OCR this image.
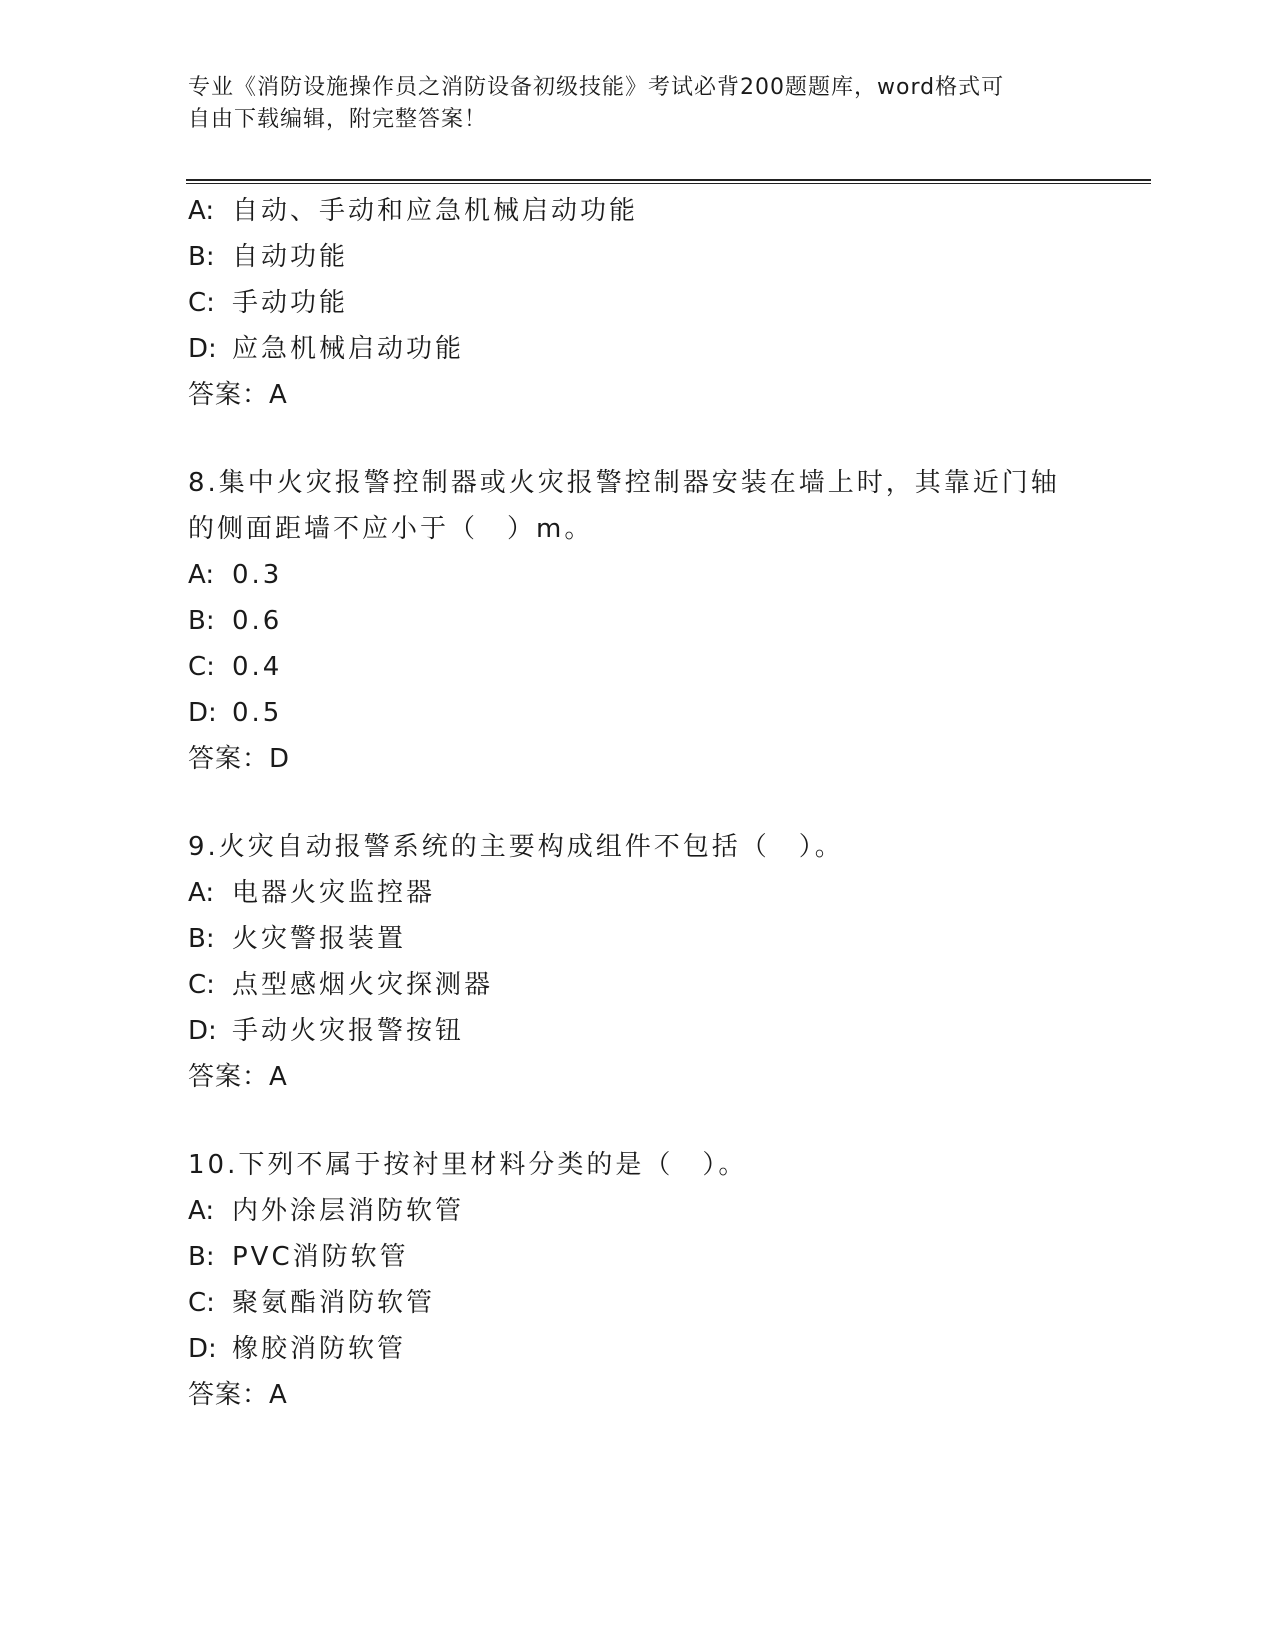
专业《消防设施操作员之消防设备初级技能》考试必背200题题库，word格式可
自由下载编辑，附完整答案！
A: 自动、手动和应急机械启动功能
B: 自动功能
C: 手动功能
D: 应急机械启动功能
答案：A
8.集中火灾报警控制器或火灾报警控制器安装在墙上时，其靠近门轴
的侧面距墙不应小于（　）m。
A: 0.3
B: 0.6
C: 0.4
D: 0.5
答案：D
9.火灾自动报警系统的主要构成组件不包括（　）。
A: 电器火灾监控器
B: 火灾警报装置
C: 点型感烟火灾探测器
D: 手动火灾报警按钮
答案：A
10.下列不属于按衬里材料分类的是（　）。
A: 内外涂层消防软管
B: PVC消防软管
C: 聚氨酯消防软管
D: 橡胶消防软管
答案：A
